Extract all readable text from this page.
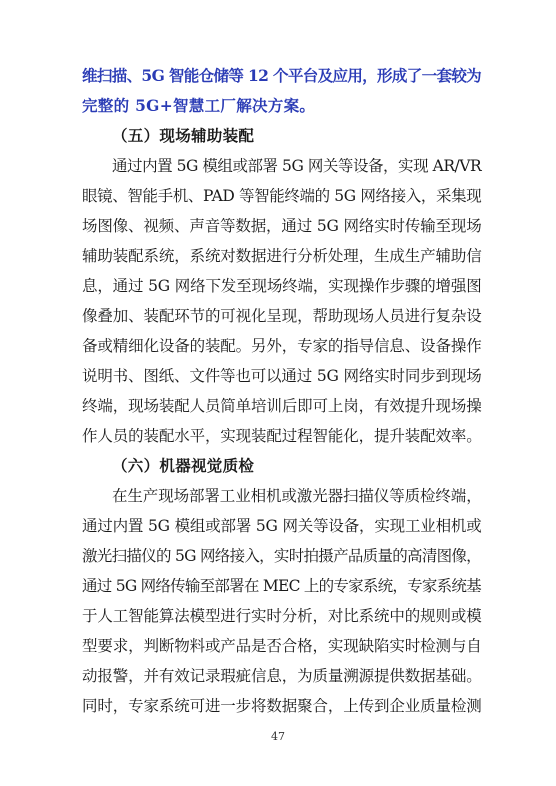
维扫描、5G 智能仓储等 12 个平台及应用，形成了一套较为
完整的 5G+智慧工厂解决方案。
（五）现场辅助装配
通过内置 5G 模组或部署 5G 网关等设备，实现 AR/VR
眼镜、智能手机、PAD 等智能终端的 5G 网络接入，采集现
场图像、视频、声音等数据，通过 5G 网络实时传输至现场
辅助装配系统，系统对数据进行分析处理，生成生产辅助信
息，通过 5G 网络下发至现场终端，实现操作步骤的增强图
像叠加、装配环节的可视化呈现，帮助现场人员进行复杂设
备或精细化设备的装配。另外，专家的指导信息、设备操作
说明书、图纸、文件等也可以通过 5G 网络实时同步到现场
终端，现场装配人员简单培训后即可上岗，有效提升现场操
作人员的装配水平，实现装配过程智能化，提升装配效率。
（六）机器视觉质检
在生产现场部署工业相机或激光器扫描仪等质检终端，
通过内置 5G 模组或部署 5G 网关等设备，实现工业相机或
激光扫描仪的 5G 网络接入，实时拍摄产品质量的高清图像，
通过 5G 网络传输至部署在 MEC 上的专家系统，专家系统基
于人工智能算法模型进行实时分析，对比系统中的规则或模
型要求，判断物料或产品是否合格，实现缺陷实时检测与自
动报警，并有效记录瑕疵信息，为质量溯源提供数据基础。
同时，专家系统可进一步将数据聚合，上传到企业质量检测
47
